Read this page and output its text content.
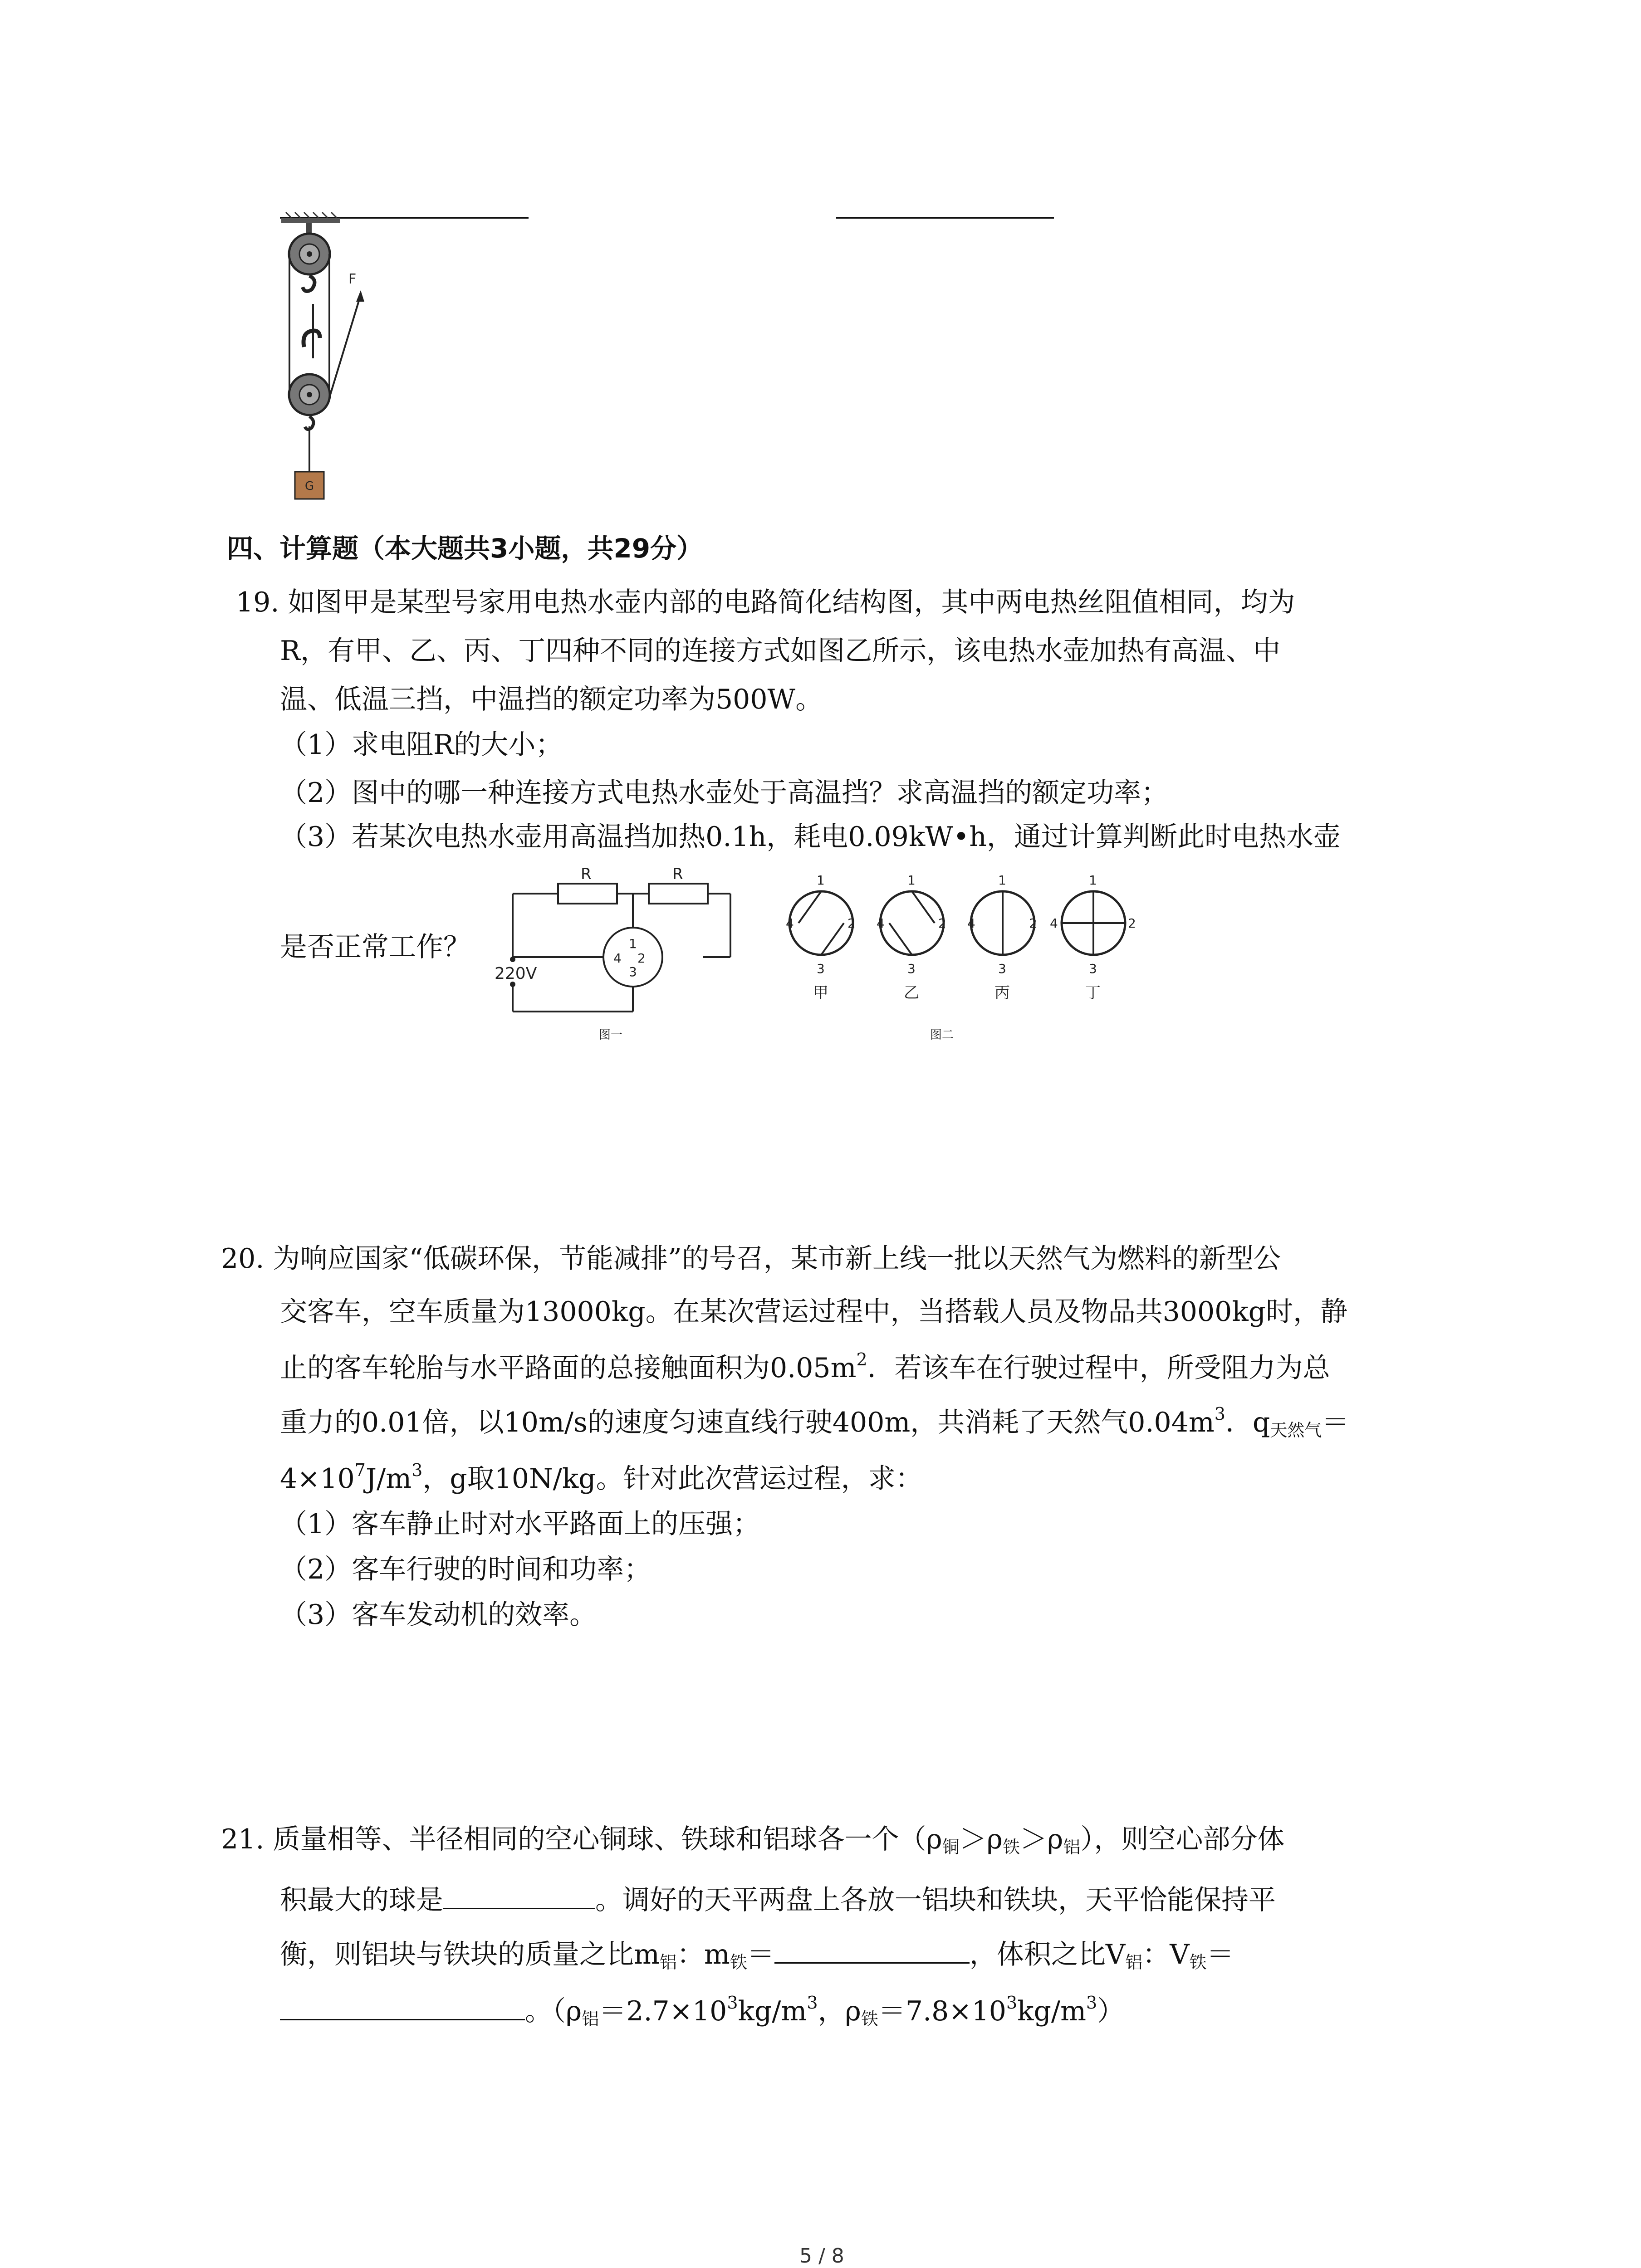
F
G
四、计算题（本大题共3小题，共29分）
19. 如图甲是某型号家用电热水壶内部的电路简化结构图，其中两电热丝阻值相同，均为
R，有甲、乙、丙、丁四种不同的连接方式如图乙所示，该电热水壶加热有高温、中
温、低温三挡，中温挡的额定功率为500W。
（1）求电阻R的大小；
（2）图中的哪一种连接方式电热水壶处于高温挡？求高温挡的额定功率；
（3）若某次电热水壶用高温挡加热0.1h，耗电0.09kW•h，通过计算判断此时电热水壶
是否正常工作？
R	R
1
2
3
4
220V
图一
1
2
3
4
甲
1
2
3
4
乙
1
2
3
4
丙
1
2
3
4
丁
图二
20. 为响应国家“低碳环保，节能减排”的号召，某市新上线一批以天然气为燃料的新型公
交客车，空车质量为13000kg。在某次营运过程中，当搭载人员及物品共3000kg时，静
止的客车轮胎与水平路面的总接触面积为$0.05m^2$．若该车在行驶过程中，所受阻力为总
重力的0.01倍，以10m/s的速度匀速直线行驶400m，共消耗了天然气$0.04m^3$．$q_{天然气}=$
$4\times 10^7J/m^3$，g取10N/kg。针对此次营运过程，求：
（1）客车静止时对水平路面上的压强；
（2）客车行驶的时间和功率；
（3）客车发动机的效率。
21. 质量相等、半径相同的空心铜球、铁球和铝球各一个$(\rho_铜>\rho_铁>\rho_铝)$，则空心部分体
积最大的球是	。调好的天平两盘上各放一铝块和铁块，天平恰能保持平
衡，则铝块与铁块的质量之比$m_铝$：$m_铁=$	，体积之比$V_铝$：$V_铁=$
。（$\rho_铝=2.7\times 10^3kg/m^3$，$\rho_铁=7.8\times 10^3kg/m^3$）
5 / 8
